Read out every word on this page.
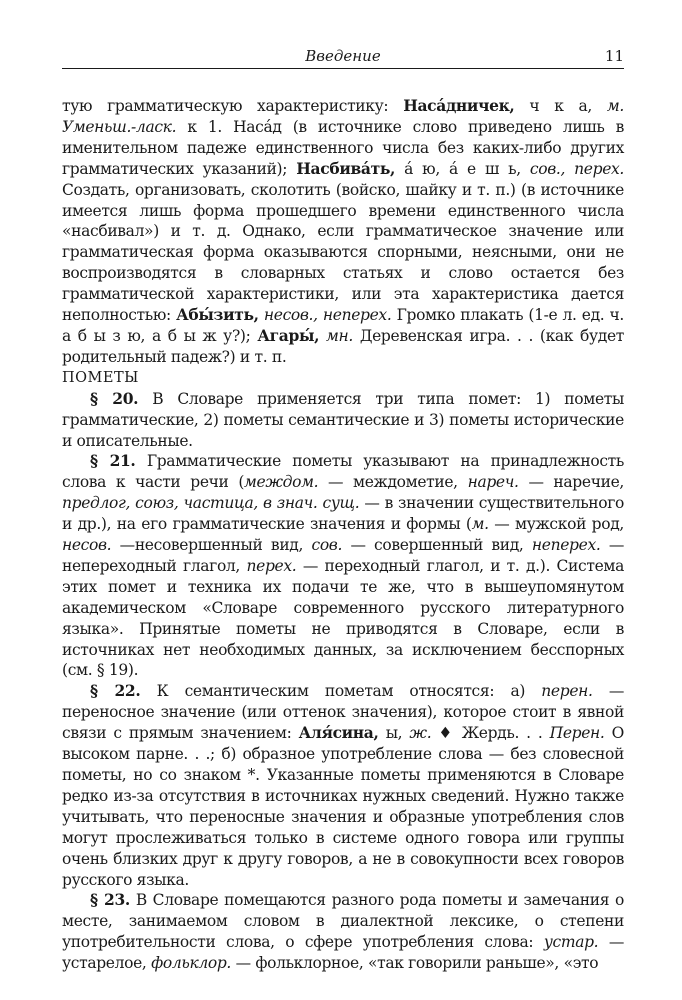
Введение	11

тую грамматическую характеристику: Наса́дничек, ч к а, м. Уменьш.-ласк. к 1. Наса́д (в источнике слово приведено лишь в именительном падеже единственного числа без каких-либо других грамматических указаний); Насбива́ть, а́ ю, а́ е ш ь, сов., перех. Создать, организовать, сколотить (войско, шайку и т. п.) (в источнике имеется лишь форма прошедшего времени единственного числа «насбивал») и т. д. Однако, если грамматическое значение или грамматическая форма оказываются спорными, неясными, они не воспроизводятся в словарных статьях и слово остается без грамматической характеристики, или эта характеристика дается неполностью: Абы́зить, несов., неперех. Громко плакать (1-е л. ед. ч. а б ы з ю, а б ы ж у?); Агары́, мн. Деревенская игра. . . (как будет родительный падеж?) и т. п.

ПОМЕТЫ

§ 20. В Словаре применяется три типа помет: 1) пометы грамматические, 2) пометы семантические и 3) пометы исторические и описательные.

§ 21. Грамматические пометы указывают на принадлежность слова к части речи (междом. — междометие, нареч. — наречие, предлог, союз, частица, в знач. сущ. — в значении существительного и др.), на его грамматические значения и формы (м. — мужской род, несов. —несовершенный вид, сов. — совершенный вид, неперех. — непереходный глагол, перех. — переходный глагол, и т. д.). Система этих помет и техника их подачи те же, что в вышеупомянутом академическом «Словаре современного русского литературного языка». Принятые пометы не приводятся в Словаре, если в источниках нет необходимых данных, за исключением бесспорных (см. § 19).

§ 22. К семантическим пометам относятся: а) перен. — переносное значение (или оттенок значения), которое стоит в явной связи с прямым значением: Аля́сина, ы, ж. ♦ Жердь. . . Перен. О высоком парне. . .; б) образное употребление слова — без словесной пометы, но со знаком *. Указанные пометы применяются в Словаре редко из-за отсутствия в источниках нужных сведений. Нужно также учитывать, что переносные значения и образные употребления слов могут прослеживаться только в системе одного говора или группы очень близких друг к другу говоров, а не в совокупности всех говоров русского языка.

§ 23. В Словаре помещаются разного рода пометы и замечания о месте, занимаемом словом в диалектной лексике, о степени употребительности слова, о сфере употребления слова: устар. — устарелое, фольклор. — фольклорное, «так говорили раньше», «это
